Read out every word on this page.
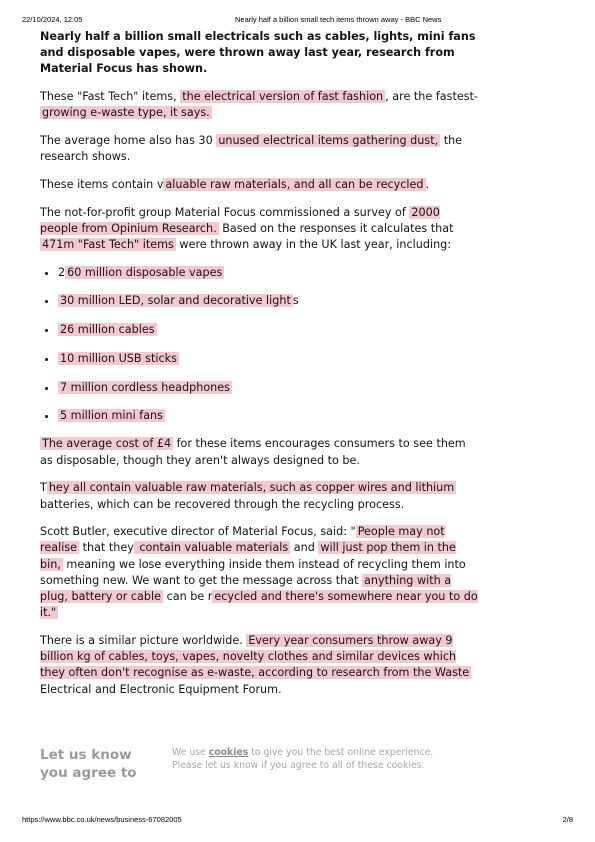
22/10/2024, 12:05	Nearly half a billion small tech items thrown away - BBC News

Nearly half a billion small electricals such as cables, lights, mini fans and disposable vapes, were thrown away last year, research from Material Focus has shown.

These "Fast Tech" items, the electrical version of fast fashion , are the fastest-growing e-waste type, it says.

The average home also has 30 unused electrical items gathering dust, the research shows.

These items contain v aluable raw materials, and all can be recycled .

The not-for-profit group Material Focus commissioned a survey of 2000 people from Opinium Research. Based on the responses it calculates that 471m "Fast Tech" items were thrown away in the UK last year, including:

• 2 60 million disposable vapes
• 30 million LED, solar and decorative light s
• 26 million cables
• 10 million USB sticks
• 7 million cordless headphones
• 5 million mini fans

The average cost of £4 for these items encourages consumers to see them as disposable, though they aren't always designed to be.

T hey all contain valuable raw materials, such as copper wires and lithium batteries, which can be recovered through the recycling process.

Scott Butler, executive director of Material Focus, said: " People may not realise that they contain valuable materials and will just pop them in the bin, meaning we lose everything inside them instead of recycling them into something new. We want to get the message across that anything with a plug, battery or cable can be r ecycled and there's somewhere near you to do it."

There is a similar picture worldwide. Every year consumers throw away 9 billion kg of cables, toys, vapes, novelty clothes and similar devices which they often don't recognise as e-waste, according to research from the Waste Electrical and Electronic Equipment Forum.

Let us know you agree to
We use cookies to give you the best online experience. Please let us know if you agree to all of these cookies.
https://www.bbc.co.uk/news/business-67082005	2/8
